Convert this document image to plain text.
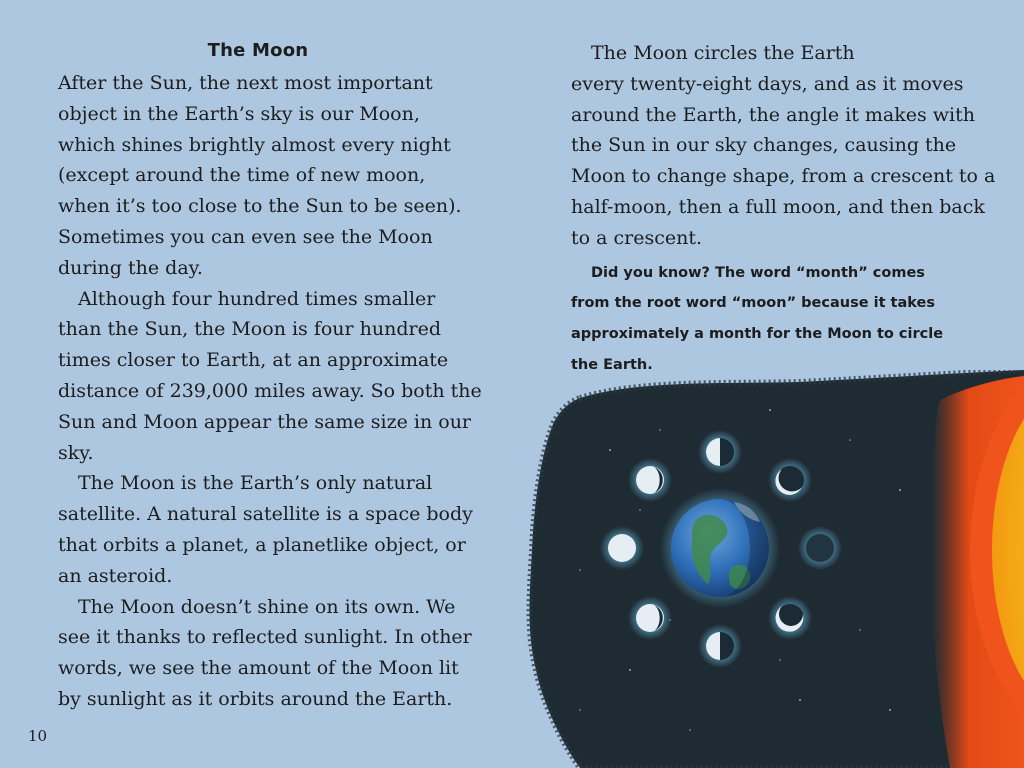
The Moon

After the Sun, the next most important
object in the Earth’s sky is our Moon,
which shines brightly almost every night
(except around the time of new moon,
when it’s too close to the Sun to be seen).
Sometimes you can even see the Moon
during the day.

Although four hundred times smaller
than the Sun, the Moon is four hundred
times closer to Earth, at an approximate
distance of 239,000 miles away. So both the
Sun and Moon appear the same size in our
sky.

The Moon is the Earth’s only natural
satellite. A natural satellite is a space body
that orbits a planet, a planetlike object, or
an asteroid.

The Moon doesn’t shine on its own. We
see it thanks to reflected sunlight. In other
words, we see the amount of the Moon lit
by sunlight as it orbits around the Earth.

The Moon circles the Earth
every twenty-eight days, and as it moves
around the Earth, the angle it makes with
the Sun in our sky changes, causing the
Moon to change shape, from a crescent to a
half-moon, then a full moon, and then back
to a crescent.

Did you know? The word “month” comes
from the root word “moon” because it takes
approximately a month for the Moon to circle
the Earth.

10
